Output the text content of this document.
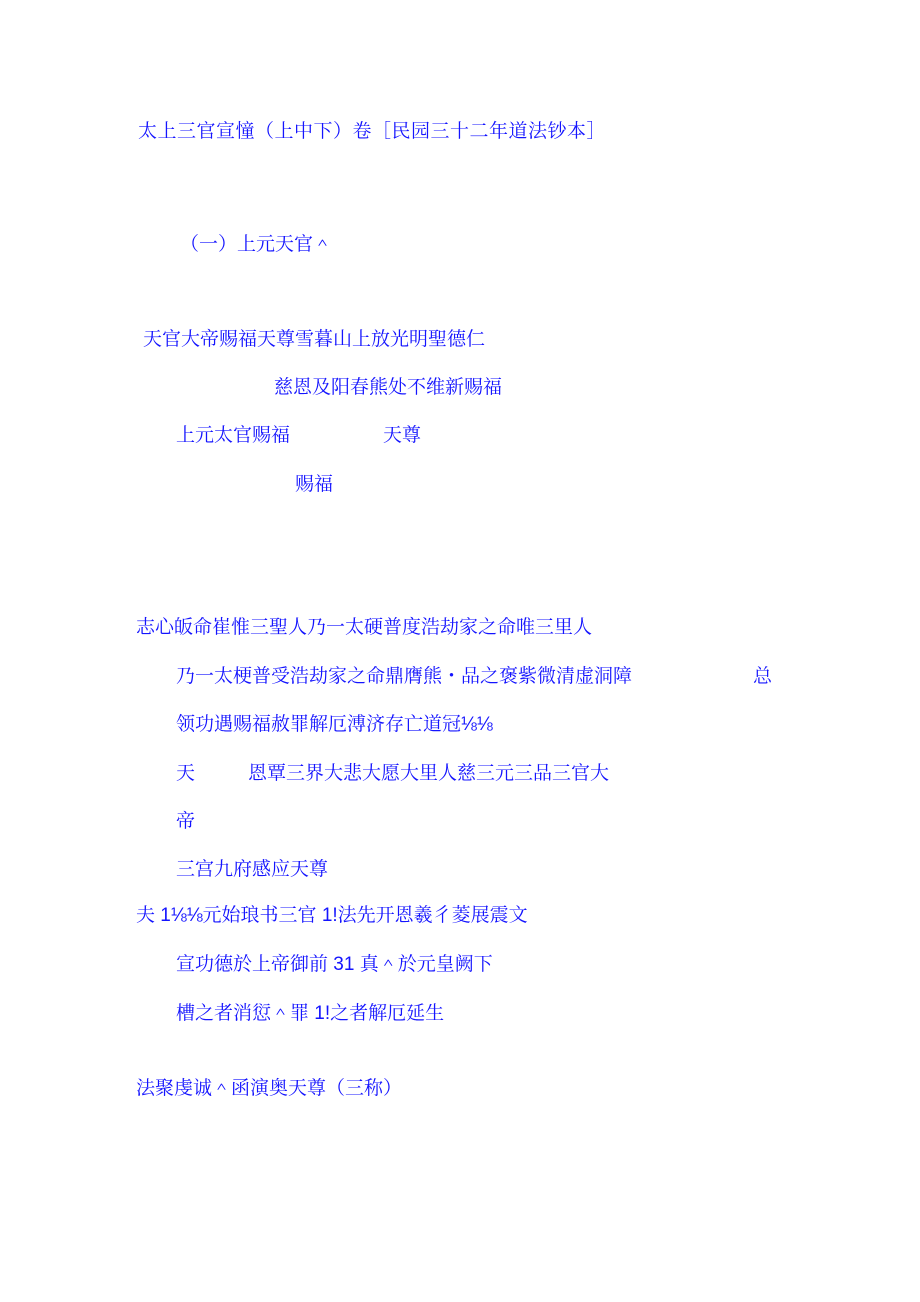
太上三官宣憧（上中下）卷［民园三十二年道法钞本］
（一）上元天官＾
天官大帝赐福天尊雪暮山上放光明聖德仁
慈恩及阳春熊处不维新赐福
上元太官赐福	天尊
赐福
志心皈命崔惟三聖人乃一太硬普度浩劫家之命唯三里人
乃一太梗普受浩劫家之命鼎膺熊・品之褒紫微清虚洞障	总
领功遇赐福赦罪解厄溥济存亡道冠⅛⅛
天	恩覃三界大悲大愿大里人慈三元三品三官大
帝
三宫九府感应天尊
夫 1⅛⅛元始琅书三官 1!法先开恩羲彳菱展震文
宣功德於上帝御前 31 真＾於元皇阙下
槽之者消愆＾罪 1!之者解厄延生
法聚虔诚＾函演奥天尊（三称）
